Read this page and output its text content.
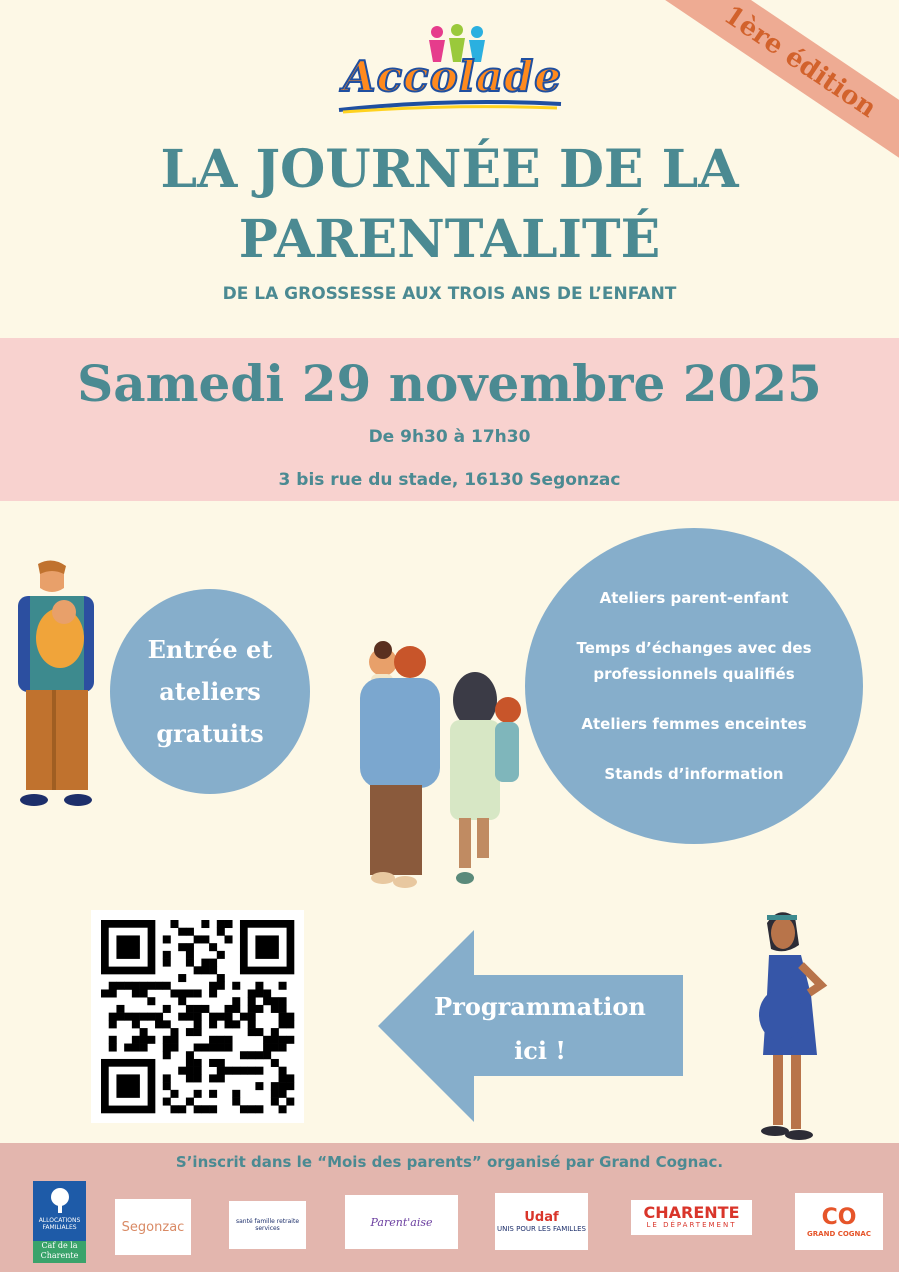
1ère édition
Accolade
LA JOURNÉE DE LA
PARENTALITÉ
DE LA GROSSESSE AUX TROIS ANS DE L’ENFANT
Samedi 29 novembre 2025
De 9h30 à 17h30
3 bis rue du stade, 16130 Segonzac
Entrée et
ateliers
gratuits
Ateliers parent-enfant
Temps d’échanges avec des professionnels qualifiés
Ateliers femmes enceintes
Stands d’information
Programmation
ici !
S’inscrit dans le “Mois des parents” organisé par Grand Cognac.
ALLOCATIONS FAMILIALES
Caf de la Charente
Segonzac	santé famille retraite services	Parent'aise	Udaf
UNIS POUR LES FAMILLES
CHARENTE
LE DÉPARTEMENT	CO
GRAND COGNAC
